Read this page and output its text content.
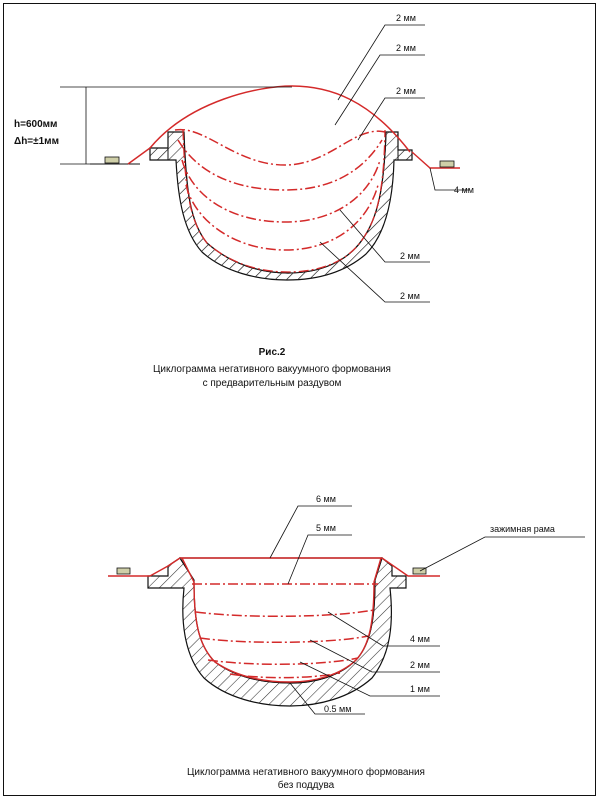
h=600мм
Δh=±1мм
2 мм
2 мм
2 мм
4 мм
2 мм
2 мм
Рис.2
Циклограмма негативного вакуумного формования
с предварительным раздувом
6 мм
5 мм
4 мм
2 мм
1 мм
0.5 мм
зажимная рама
Циклограмма негативного вакуумного формования
без поддува
